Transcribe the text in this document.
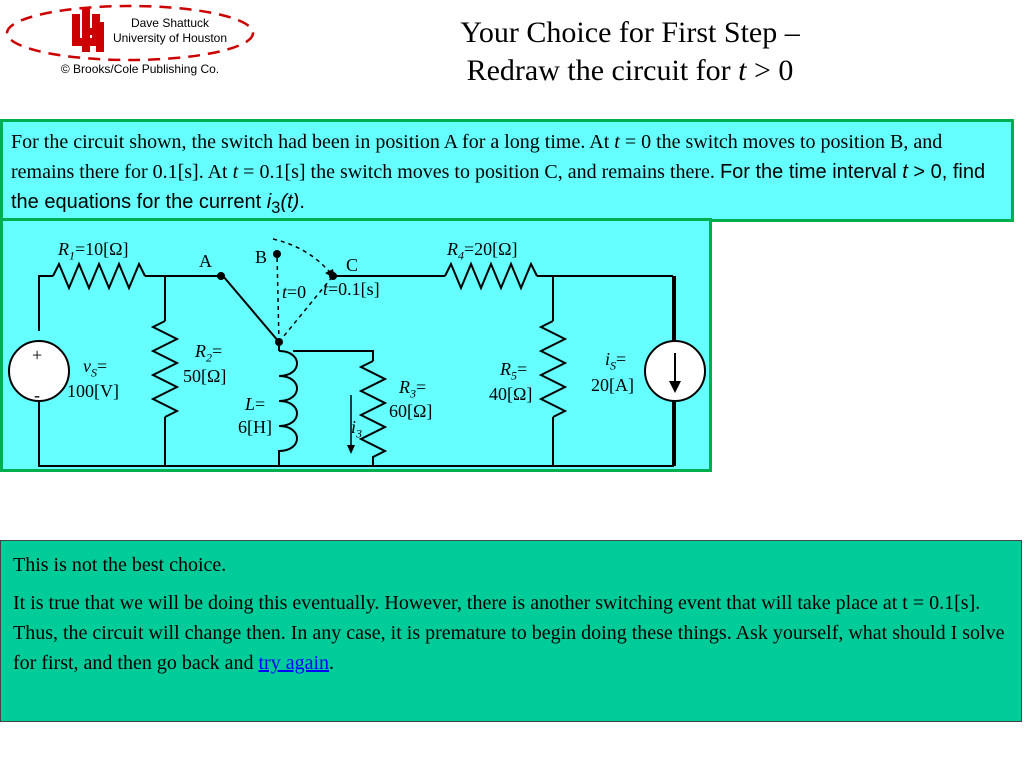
Dave Shattuck
University of Houston
© Brooks/Cole Publishing Co.
Your Choice for First Step –
Redraw the circuit for t > 0
For the circuit shown, the switch had been in position A for a long time. At t = 0 the switch moves to position B, and remains there for 0.1[s]. At t = 0.1[s] the switch moves to position C, and remains there. For the time interval t > 0, find the equations for the current $i_3(t)$.
$R_1=10[\Omega]$
A B	C
t=0 t=0.1[s]
$R_4=20[\Omega]$
+
-
$v_S=$
100[V]
$R_2=$
50[Ω]
L=
6[H]
$R_3=$
60[Ω]
$i_3$
$R_5=$
40[Ω]
$i_S=$
20[A]

This is not the best choice.

It is true that we will be doing this eventually. However, there is another switching event that will take place at t = 0.1[s]. Thus, the circuit will change then. In any case, it is premature to begin doing these things. Ask yourself, what should I solve for first, and then go back and try again.
